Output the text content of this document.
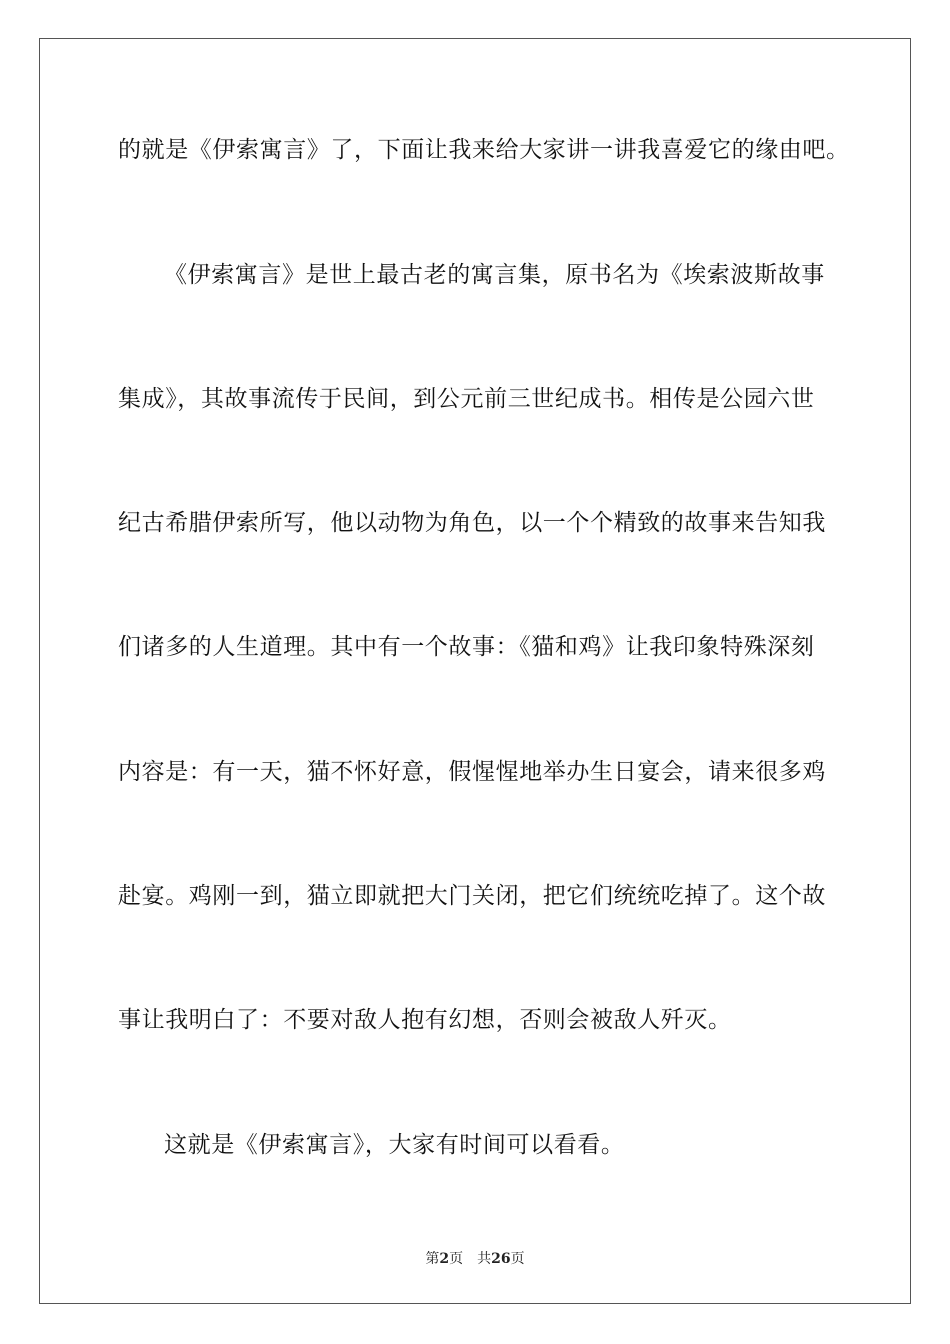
的就是《伊索寓言》了，下面让我来给大家讲一讲我喜爱它的缘由吧。
《伊索寓言》是世上最古老的寓言集，原书名为《埃索波斯故事
集成》，其故事流传于民间，到公元前三世纪成书。相传是公园六世
纪古希腊伊索所写，他以动物为角色，以一个个精致的故事来告知我
们诸多的人生道理。其中有一个故事：《猫和鸡》让我印象特殊深刻
内容是：有一天，猫不怀好意，假惺惺地举办生日宴会，请来很多鸡
赴宴。鸡刚一到，猫立即就把大门关闭，把它们统统吃掉了。这个故
事让我明白了：不要对敌人抱有幻想，否则会被敌人歼灭。
这就是《伊索寓言》，大家有时间可以看看。
第2页 共26页
